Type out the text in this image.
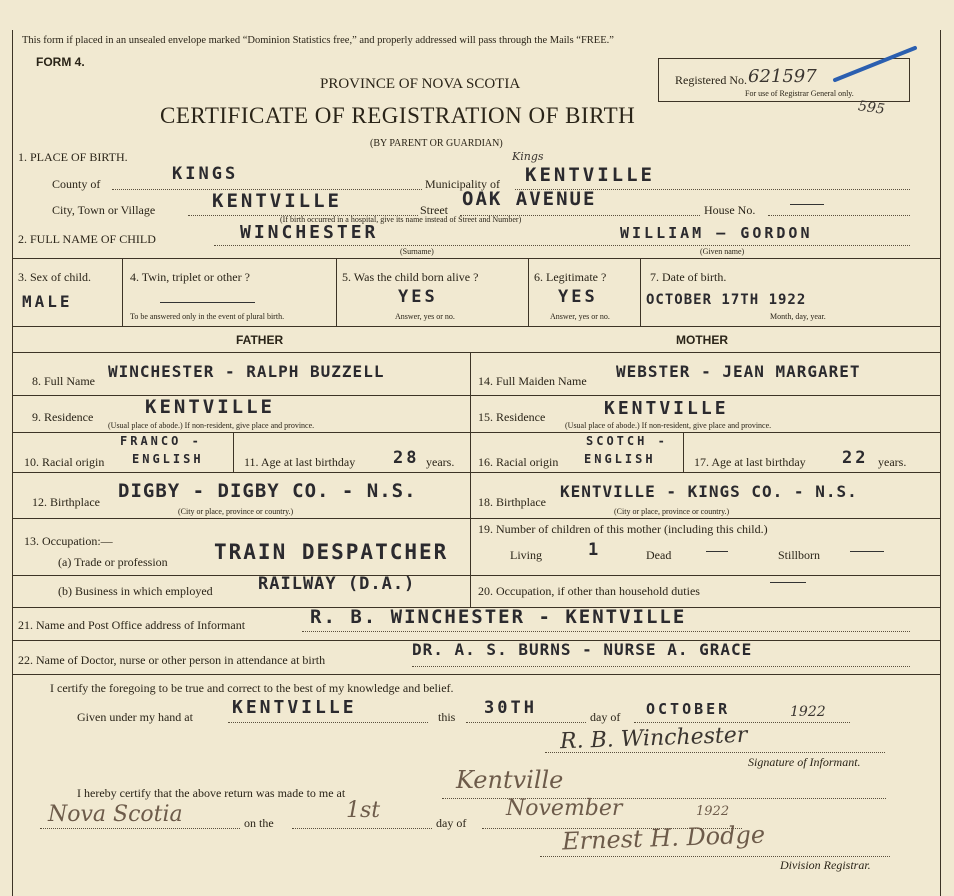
This form if placed in an unsealed envelope marked “Dominion Statistics free,” and properly addressed will pass through the Mails “FREE.”
FORM 4.
PROVINCE OF NOVA SCOTIA
CERTIFICATE OF REGISTRATION OF BIRTH
(BY PARENT OR GUARDIAN)
Registered No. 621597
For use of Registrar General only.
595
1. PLACE OF BIRTH.
County of	KINGS	Municipality of KENTVILLE
Kings
City, Town or Village	KENTVILLE	Street OAK AVENUE	House No.
(If birth occurred in a hospital, give its name instead of Street and Number)
2. FULL NAME OF CHILD	WINCHESTER	WILLIAM — GORDON
(Surname)	(Given name)
3. Sex of child.
MALE
4. Twin, triplet or other ?
To be answered only in the event of plural birth.
5. Was the child born alive ?
YES
Answer, yes or no.
6. Legitimate ?
YES
Answer, yes or no.
7. Date of birth.
OCTOBER 17TH 1922
Month, day, year.
FATHER	MOTHER
8. Full Name WINCHESTER - RALPH BUZZELL
9. Residence	KENTVILLE
(Usual place of abode.) If non-resident, give place and province.
10. Racial origin
FRANCO -
ENGLISH	11. Age at last birthday 28 years.
12. Birthplace DIGBY - DIGBY CO. - N.S.
(City or place, province or country.)
13. Occupation:—
(a) Trade or profession TRAIN DESPATCHER
(b) Business in which employed	RAILWAY (D.A.)
14. Full Maiden Name WEBSTER - JEAN MARGARET
15. Residence	KENTVILLE
(Usual place of abode.) If non-resident, give place and province.
16. Racial origin
SCOTCH -
ENGLISH	17. Age at last birthday 22 years.
18. Birthplace
KENTVILLE - KINGS CO. - N.S.
(City or place, province or country.)
19. Number of children of this mother (including this child.)
Living	1	Dead	Stillborn
20. Occupation, if other than household duties
21. Name and Post Office address of Informant	R. B. WINCHESTER - KENTVILLE
22. Name of Doctor, nurse or other person in attendance at birth
DR. A. S. BURNS - NURSE A. GRACE
I certify the foregoing to be true and correct to the best of my knowledge and belief.
Given under my hand at KENTVILLE	this 30TH	day of OCTOBER	1922
R. B. Winchester
Signature of Informant.
I hereby certify that the above return was made to me at	Kentville
Nova Scotia	on the	1st	day of
November	1922
Ernest H. Dodge
Division Registrar.
